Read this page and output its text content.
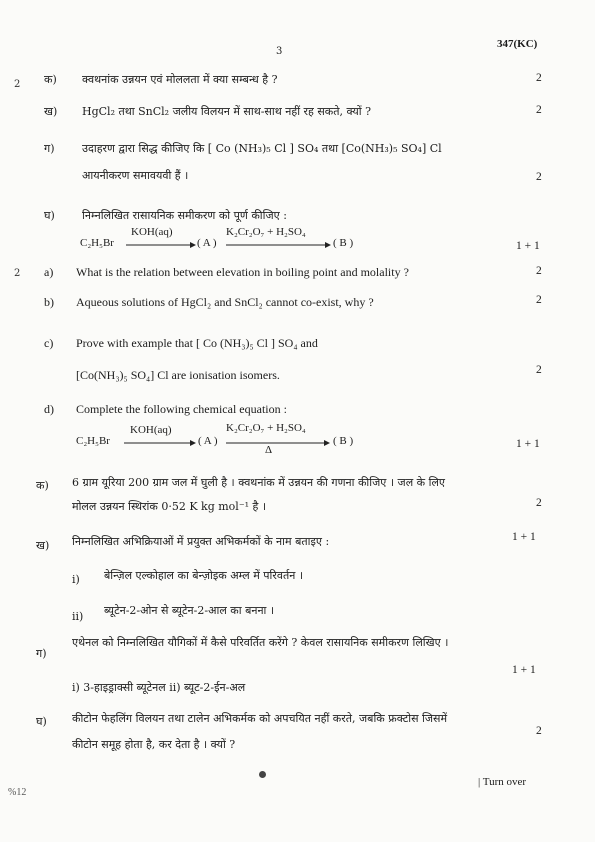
3
347(KC)
2
2
क) क्वथनांक उन्नयन एवं मोललता में क्या सम्बन्ध है ?	2
ख) HgCl₂ तथा SnCl₂ जलीय विलयन में साथ-साथ नहीं रह सकते, क्यों ?	2
ग)	उदाहरण द्वारा सिद्ध कीजिए कि [ Co (NH₃)₅ Cl ] SO₄ तथा [Co(NH₃)₅ SO₄] Cl
आयनीकरण समावयवी हैं ।	2
घ) निम्नलिखित रासायनिक समीकरण को पूर्ण कीजिए :
C₂H₅Br
KOH(aq)
( A )
K₂Cr₂O₇ + H₂SO₄
( B )	1 + 1
a) What is the relation between elevation in boiling point and molality ?	2
b) Aqueous solutions of HgCl₂ and SnCl₂ cannot co-exist, why ?	2
c) Prove with example that [ Co (NH₃)₅ Cl ] SO₄ and
[Co(NH₃)₅ SO₄] Cl are ionisation isomers.	2
d) Complete the following chemical equation :
C₂H₅Br
KOH(aq)
( A )
K₂Cr₂O₇ + H₂SO₄
Δ
( B )	1 + 1
क) 6 ग्राम यूरिया 200 ग्राम जल में घुली है । क्वथनांक में उन्नयन की गणना कीजिए । जल के लिए
मोलल उन्नयन स्थिरांक 0·52 K kg mol⁻¹ है ।	2
ख) निम्नलिखित अभिक्रियाओं में प्रयुक्त अभिकर्मकों के नाम बताइए :	1 + 1
i) बेन्ज़िल एल्कोहाल का बेन्ज़ोइक अम्ल में परिवर्तन ।
ii) ब्यूटेन-2-ओन से ब्यूटेन-2-आल का बनना ।
ग)
एथेनल को निम्नलिखित यौगिकों में कैसे परिवर्तित करेंगे ? केवल रासायनिक समीकरण लिखिए ।
1 + 1
i) 3-हाइड्राक्सी ब्यूटेनल ii) ब्यूट-2-ईन-अल
घ) कीटोन फेहलिंग विलयन तथा टालेन अभिकर्मक को अपचयित नहीं करते, जबकि फ्रक्टोस जिसमें
कीटोन समूह होता है, कर देता है । क्यों ?
2
| Turn over
%12
